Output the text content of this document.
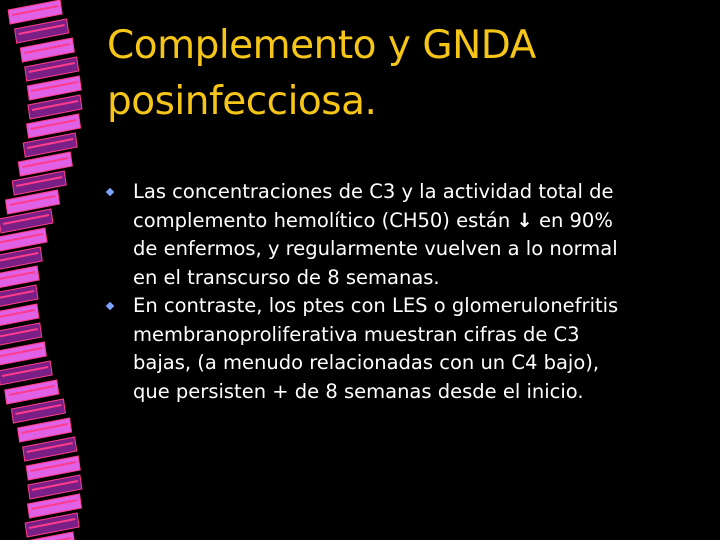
Complemento y GNDA
posinfecciosa.
Las concentraciones de C3 y la actividad total de
complemento hemolítico (CH50) están ↓ en 90%
de enfermos, y regularmente vuelven a lo normal
en el transcurso de 8 semanas.
En contraste, los ptes con LES o glomerulonefritis
membranoproliferativa muestran cifras de C3
bajas, (a menudo relacionadas con un C4 bajo),
que persisten + de 8 semanas desde el inicio.
